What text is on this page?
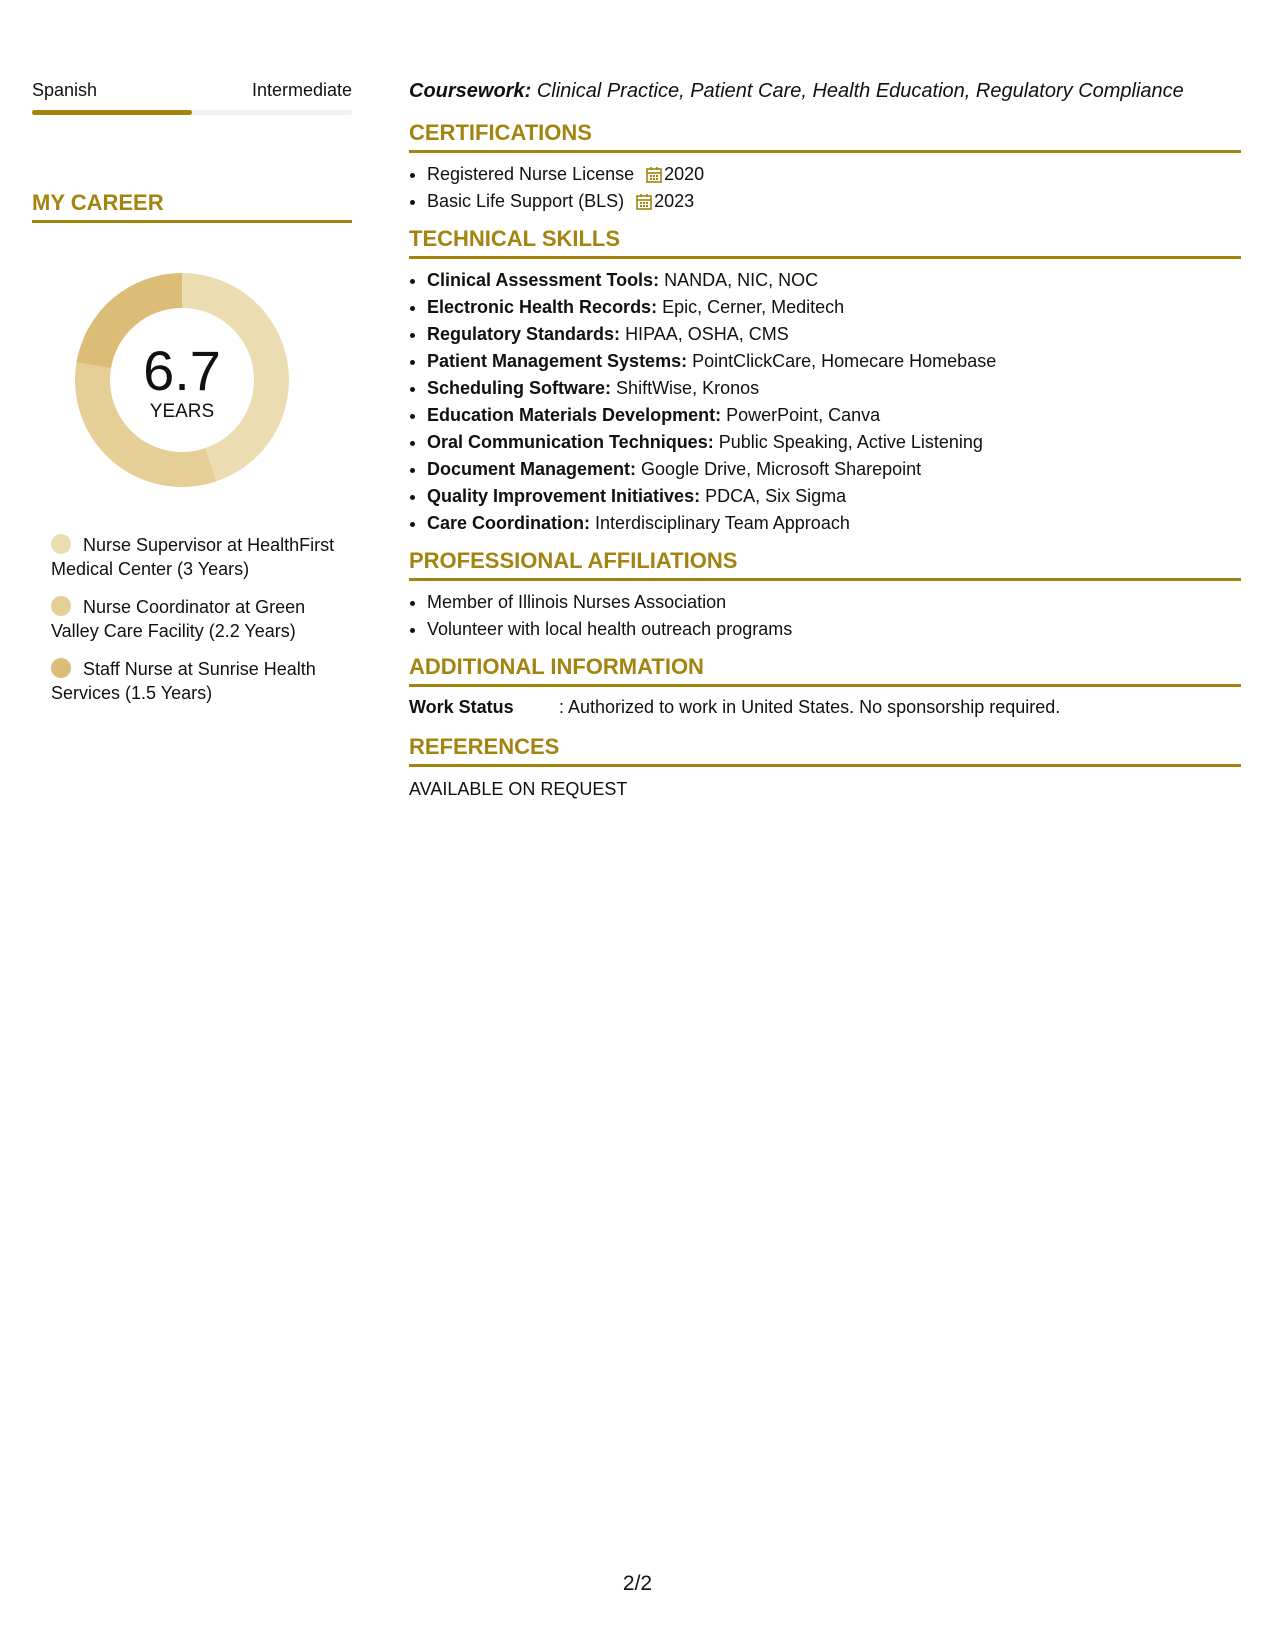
Spanish	Intermediate
MY CAREER
6.7
YEARS
Nurse Supervisor at HealthFirst Medical Center (3 Years)
Nurse Coordinator at Green Valley Care Facility (2.2 Years)
Staff Nurse at Sunrise Health Services (1.5 Years)

Coursework: Clinical Practice, Patient Care, Health Education, Regulatory Compliance

CERTIFICATIONS
• Registered Nurse License 2020
• Basic Life Support (BLS) 2023
TECHNICAL SKILLS
• Clinical Assessment Tools: NANDA, NIC, NOC
• Electronic Health Records: Epic, Cerner, Meditech
• Regulatory Standards: HIPAA, OSHA, CMS
• Patient Management Systems: PointClickCare, Homecare Homebase
• Scheduling Software: ShiftWise, Kronos
• Education Materials Development: PowerPoint, Canva
• Oral Communication Techniques: Public Speaking, Active Listening
• Document Management: Google Drive, Microsoft Sharepoint
• Quality Improvement Initiatives: PDCA, Six Sigma
• Care Coordination: Interdisciplinary Team Approach
PROFESSIONAL AFFILIATIONS
• Member of Illinois Nurses Association
• Volunteer with local health outreach programs
ADDITIONAL INFORMATION
Work Status	: Authorized to work in United States. No sponsorship required.
REFERENCES
AVAILABLE ON REQUEST
2/2
